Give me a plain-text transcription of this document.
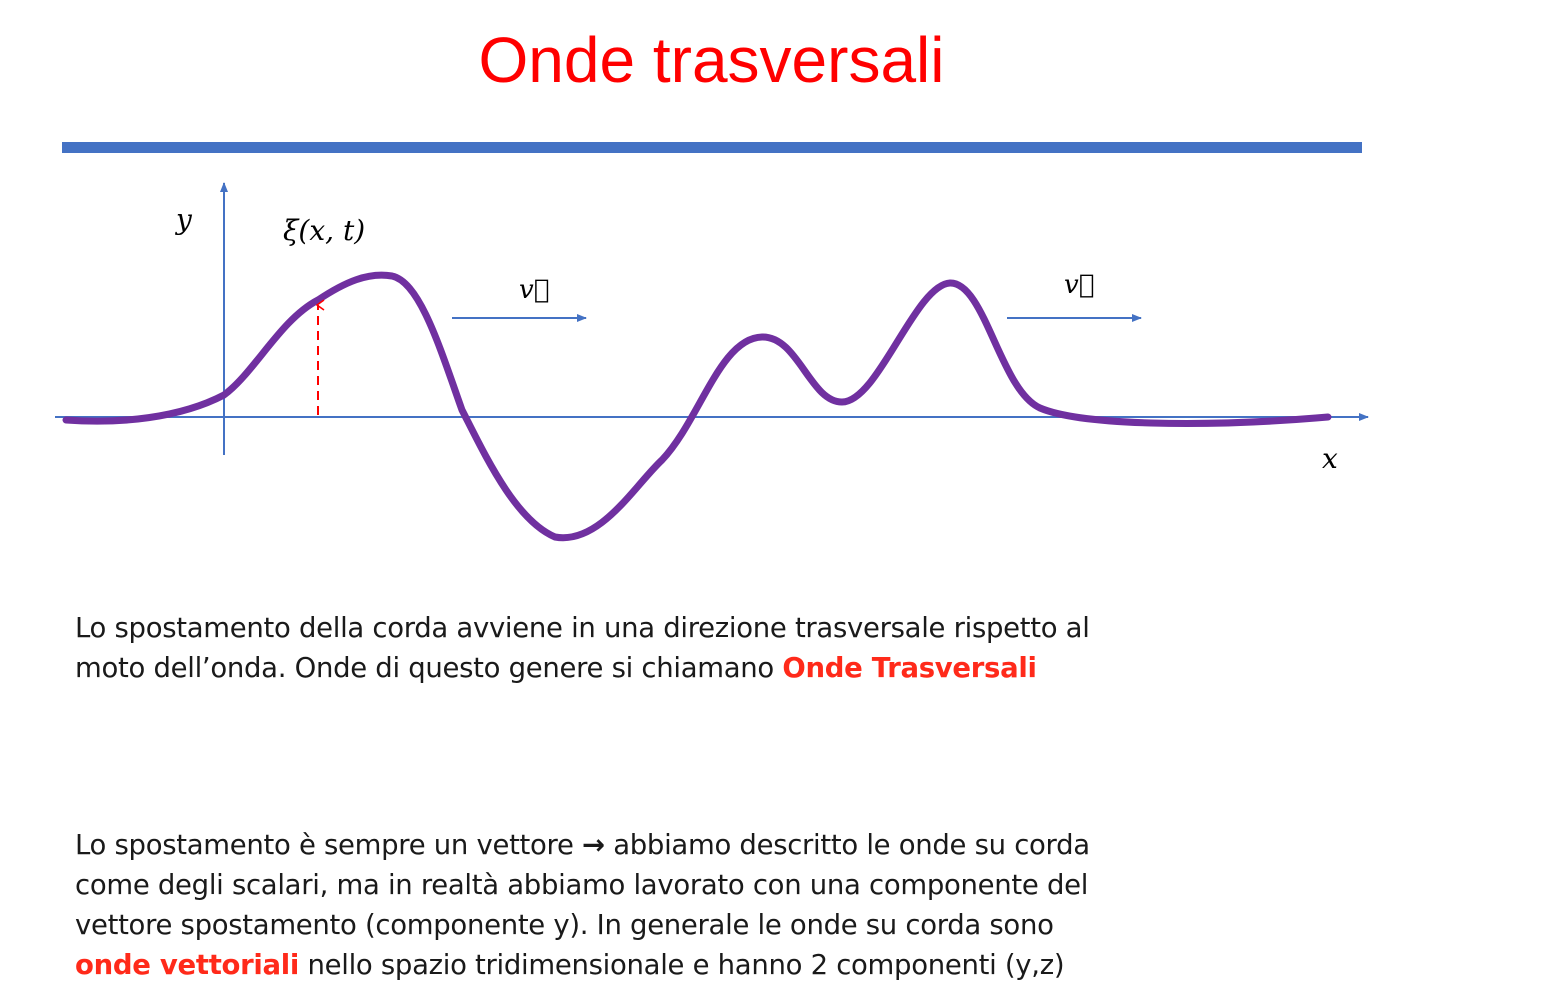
Onde trasversali
y
x
ξ(x, t)
v⃗	v⃗
Lo spostamento della corda avviene in una direzione trasversale rispetto al
moto dell’onda. Onde di questo genere si chiamano Onde Trasversali
Lo spostamento è sempre un vettore → abbiamo descritto le onde su corda
come degli scalari, ma in realtà abbiamo lavorato con una componente del
vettore spostamento (componente y). In generale le onde su corda sono
onde vettoriali nello spazio tridimensionale e hanno 2 componenti (y,z)
